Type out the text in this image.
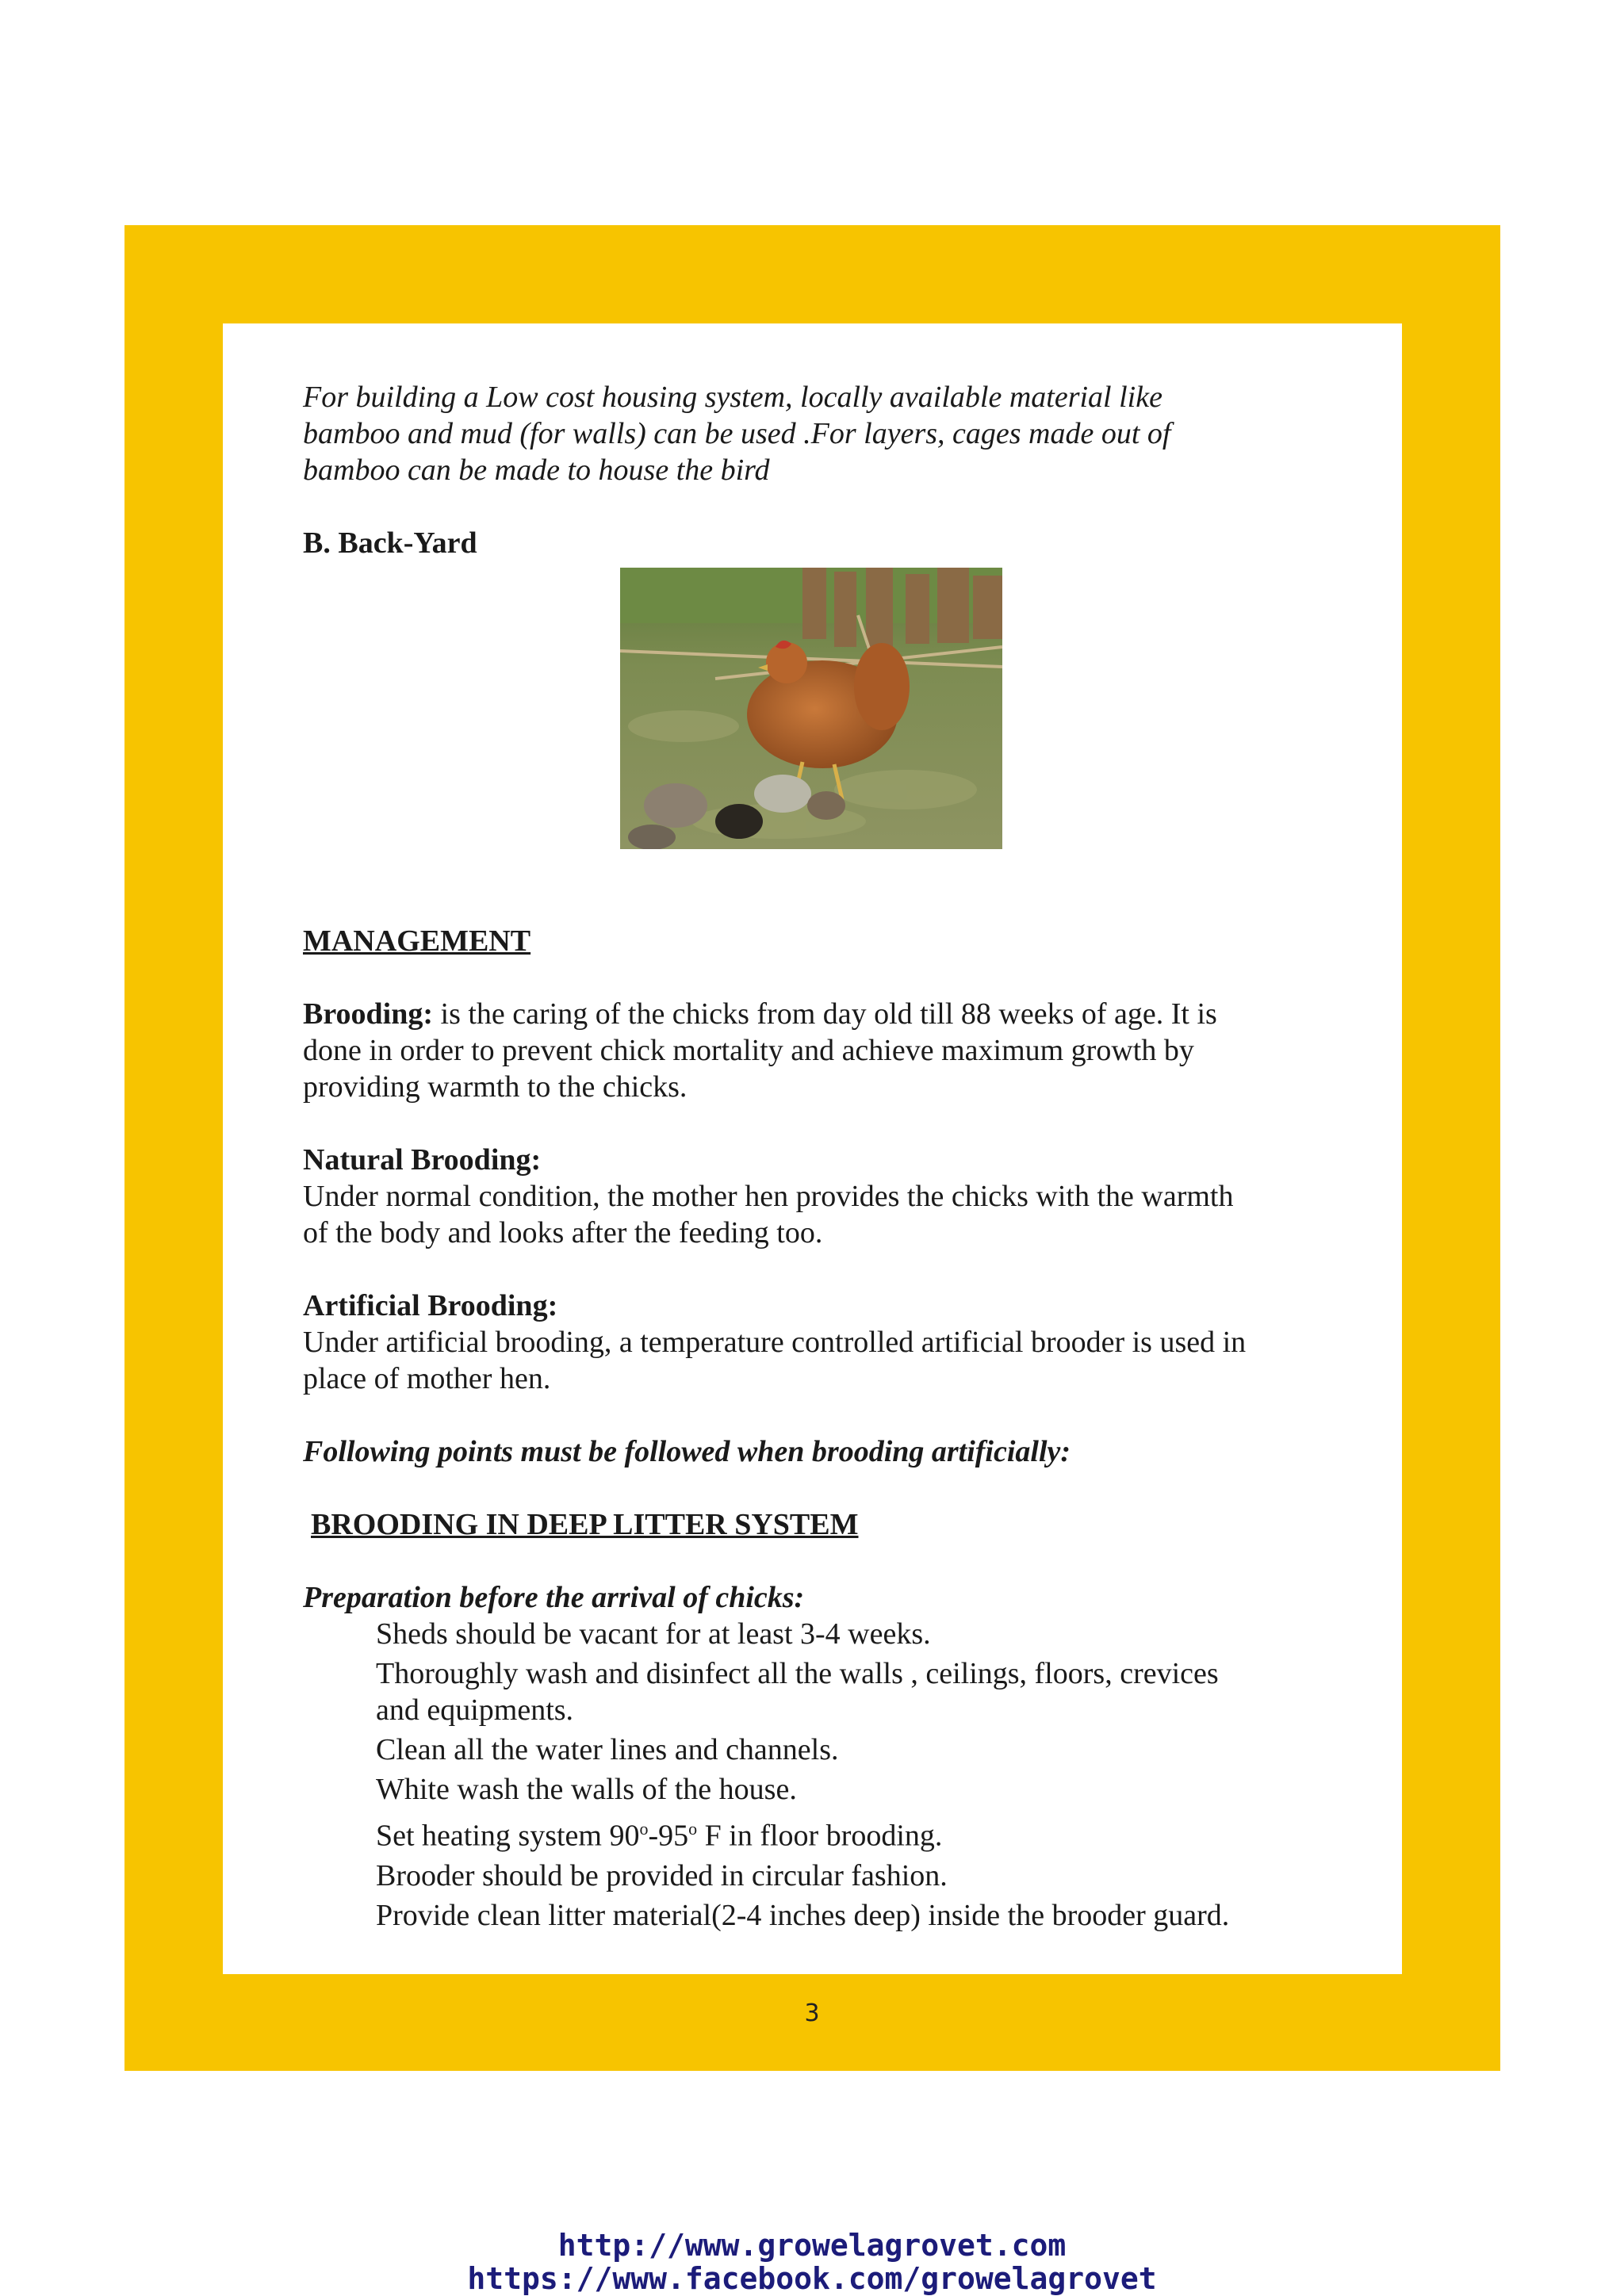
For building a Low cost housing system, locally available material like

bamboo and mud (for walls) can be used .For layers, cages made out of

bamboo can be made to house the bird

B. Back-Yard

MANAGEMENT

Brooding: is the caring of the chicks from day old till 88 weeks of age. It is

done in order to prevent chick mortality and achieve maximum growth by

providing warmth to the chicks.

Natural Brooding:

Under normal condition, the mother hen provides the chicks with the warmth

of the body and looks after the feeding too.

Artificial Brooding:

Under artificial brooding, a temperature controlled artificial brooder is used in

place of mother hen.

Following points must be followed when brooding artificially:

BROODING IN DEEP LITTER SYSTEM

Preparation before the arrival of chicks:

Sheds should be vacant for at least 3-4 weeks.
Thoroughly wash and disinfect all the walls , ceilings, floors, crevices
and equipments.
Clean all the water lines and channels.
White wash the walls of the house.
Set heating system 90$^o$-95$^o$ F in floor brooding.
Brooder should be provided in circular fashion.
Provide clean litter material(2-4 inches deep) inside the brooder guard.
3
http://www.growelagrovet.com
https://www.facebook.com/growelagrovet
